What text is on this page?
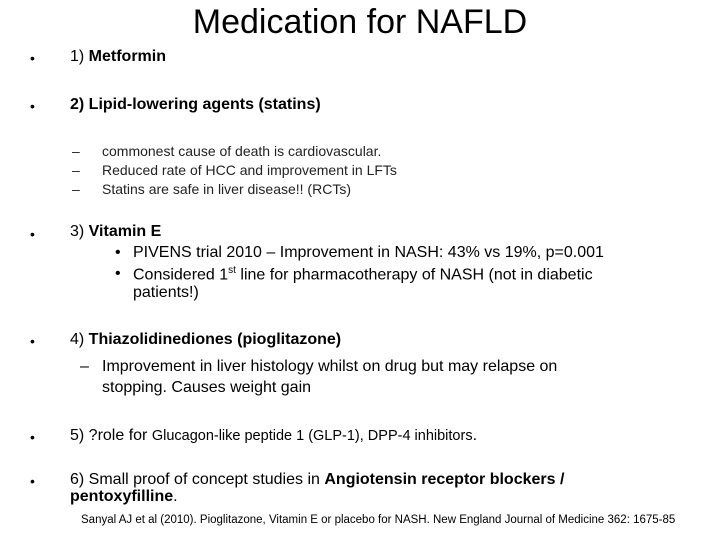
Medication for NAFLD
• 1) Metformin
• 2) Lipid-lowering agents (statins)
– commonest cause of death is cardiovascular.
– Reduced rate of HCC and improvement in LFTs
– Statins are safe in liver disease!! (RCTs)
• 3) Vitamin E
• PIVENS trial 2010 – Improvement in NASH: 43% vs 19%, p=0.001
• Considered 1st line for pharmacotherapy of NASH (not in diabetic
patients!)
• 4) Thiazolidinediones (pioglitazone)
– Improvement in liver histology whilst on drug but may relapse on
stopping. Causes weight gain
• 5) ?role for Glucagon-like peptide 1 (GLP-1), DPP-4 inhibitors.
• 6) Small proof of concept studies in Angiotensin receptor blockers /
pentoxyfilline.
Sanyal AJ et al (2010). Pioglitazone, Vitamin E or placebo for NASH. New England Journal of Medicine 362: 1675-85
